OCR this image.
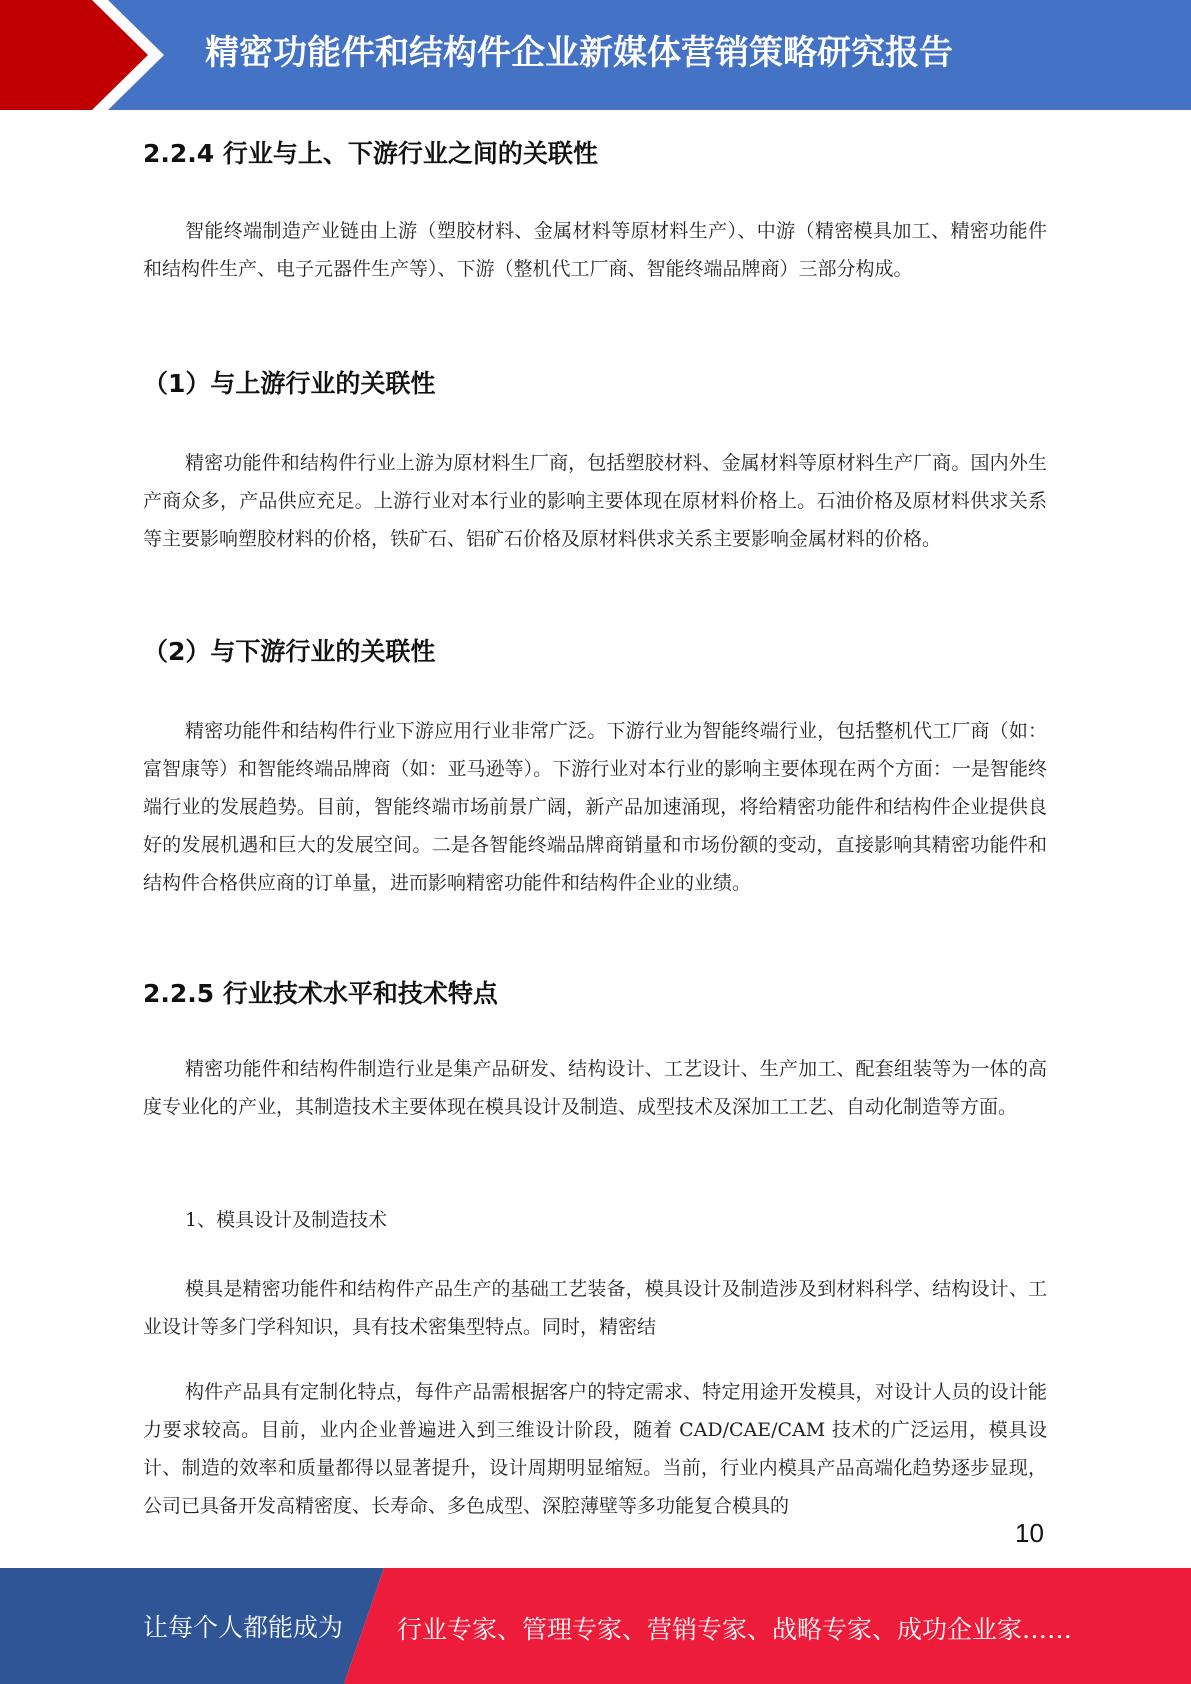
精密功能件和结构件企业新媒体营销策略研究报告
2.2.4 行业与上、下游行业之间的关联性
智能终端制造产业链由上游（塑胶材料、金属材料等原材料生产）、中游（精密模具加工、精密功能件和结构件生产、电子元器件生产等）、下游（整机代工厂商、智能终端品牌商）三部分构成。
（1）与上游行业的关联性
精密功能件和结构件行业上游为原材料生厂商，包括塑胶材料、金属材料等原材料生产厂商。国内外生产商众多，产品供应充足。上游行业对本行业的影响主要体现在原材料价格上。石油价格及原材料供求关系等主要影响塑胶材料的价格，铁矿石、铝矿石价格及原材料供求关系主要影响金属材料的价格。
（2）与下游行业的关联性
精密功能件和结构件行业下游应用行业非常广泛。下游行业为智能终端行业，包括整机代工厂商（如：富智康等）和智能终端品牌商（如：亚马逊等）。下游行业对本行业的影响主要体现在两个方面：一是智能终端行业的发展趋势。目前，智能终端市场前景广阔，新产品加速涌现，将给精密功能件和结构件企业提供良好的发展机遇和巨大的发展空间。二是各智能终端品牌商销量和市场份额的变动，直接影响其精密功能件和结构件合格供应商的订单量，进而影响精密功能件和结构件企业的业绩。
2.2.5 行业技术水平和技术特点
精密功能件和结构件制造行业是集产品研发、结构设计、工艺设计、生产加工、配套组装等为一体的高度专业化的产业，其制造技术主要体现在模具设计及制造、成型技术及深加工工艺、自动化制造等方面。
1、模具设计及制造技术
模具是精密功能件和结构件产品生产的基础工艺装备，模具设计及制造涉及到材料科学、结构设计、工业设计等多门学科知识，具有技术密集型特点。同时，精密结
构件产品具有定制化特点，每件产品需根据客户的特定需求、特定用途开发模具，对设计人员的设计能力要求较高。目前，业内企业普遍进入到三维设计阶段，随着 CAD/CAE/CAM 技术的广泛运用，模具设计、制造的效率和质量都得以显著提升，设计周期明显缩短。当前，行业内模具产品高端化趋势逐步显现，公司已具备开发高精密度、长寿命、多色成型、深腔薄壁等多功能复合模具的
10
让每个人都能成为 行业专家、管理专家、营销专家、战略专家、成功企业家……
